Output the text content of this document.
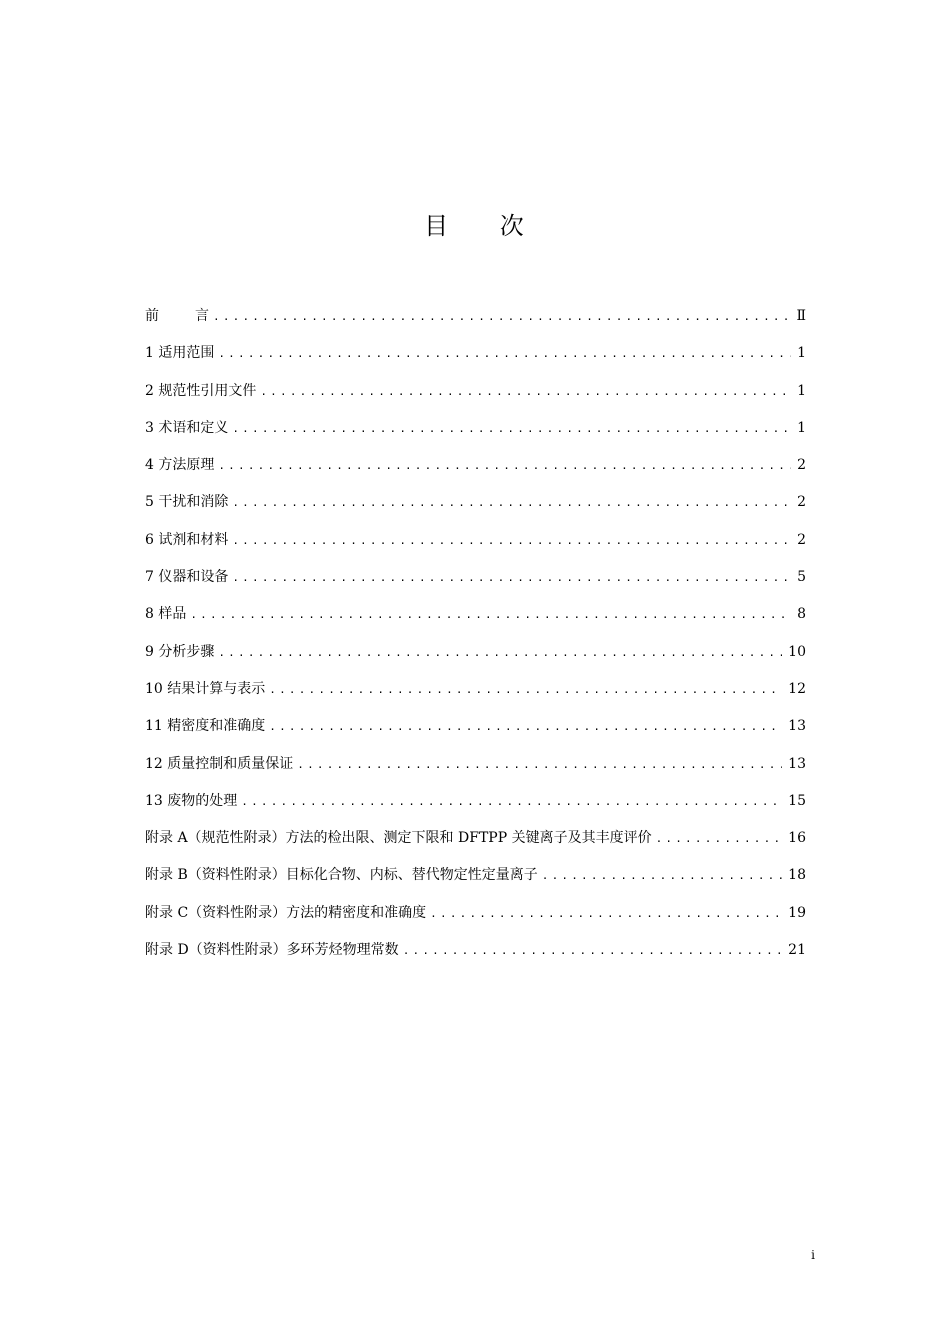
目 次
前	言 .....	Ⅱ
1 适用范围 .....	1
2 规范性引用文件 .....	1
3 术语和定义 .....	1
4 方法原理 .....	2
5 干扰和消除 .....	2
6 试剂和材料 .....	2
7 仪器和设备 .....	5
8 样品 .....	8
9 分析步骤 .....	10
10 结果计算与表示 .....	12
11 精密度和准确度 .....	13
12 质量控制和质量保证 .....	13
13 废物的处理 .....	15
附录 A（规范性附录）方法的检出限、测定下限和 DFTPP 关键离子及其丰度评价 .....	16
附录 B（资料性附录）目标化合物、内标、替代物定性定量离子 .....	18
附录 C（资料性附录）方法的精密度和准确度 .....	19
附录 D（资料性附录）多环芳烃物理常数 .....	21
i
